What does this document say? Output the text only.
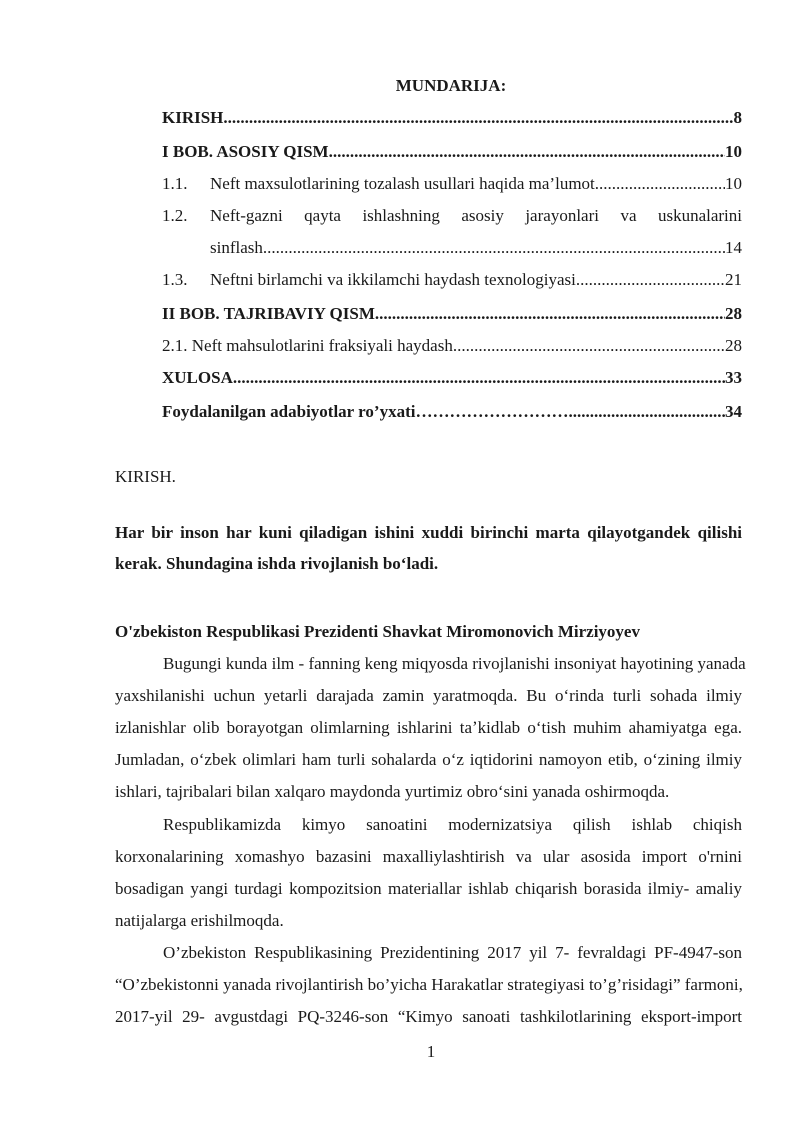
MUNDARIJA:
KIRISH .....	8
I BOB. ASOSIY QISM .....	10
1.1.	Neft maxsulotlarining tozalash usullari haqida ma’lumot .....	10
1.2. Neft-gazni qayta ishlashning asosiy jarayonlari va uskunalarini
sinflash .....	14
1.3.	Neftni birlamchi va ikkilamchi haydash texnologiyasi .....	21
II BOB. TAJRIBAVIY QISM .....	28
2.1. Neft mahsulotlarini fraksiyali haydash .....	28
XULOSA .....	33
Foydalanilgan adabiyotlar ro’yxati……………………… .....	34
KIRISH.
Har bir inson har kuni qiladigan ishini xuddi birinchi marta qilayotgandek qilishi
kerak. Shundagina ishda rivojlanish boʻladi.
O'zbekiston Respublikasi Prezidenti Shavkat Miromonovich Mirziyoyev
Bugungi kunda ilm - fanning keng miqyosda rivojlanishi insoniyat hayotining yanada
yaxshilanishi uchun yetarli darajada zamin yaratmoqda. Bu oʻrinda turli sohada ilmiy
izlanishlar olib borayotgan olimlarning ishlarini taʼkidlab oʻtish muhim ahamiyatga ega.
Jumladan, oʻzbek olimlari ham turli sohalarda oʻz iqtidorini namoyon etib, oʻzining ilmiy
ishlari, tajribalari bilan xalqaro maydonda yurtimiz obroʻsini yanada oshirmoqda.
Respublikamizda kimyo sanoatini modernizatsiya qilish ishlab chiqish
korxonalarining xomashyo bazasini maxalliylashtirish va ular asosida import o'rnini
bosadigan yangi turdagi kompozitsion materiallar ishlab chiqarish borasida ilmiy- amaliy
natijalarga erishilmoqda.
O’zbekiston Respublikasining Prezidentining 2017 yil 7- fevraldagi PF-4947-son
“O’zbekistonni yanada rivojlantirish bo’yicha Harakatlar strategiyasi to’g’risidagi” farmoni,
2017-yil 29- avgustdagi PQ-3246-son “Kimyo sanoati tashkilotlarining eksport-import
1
